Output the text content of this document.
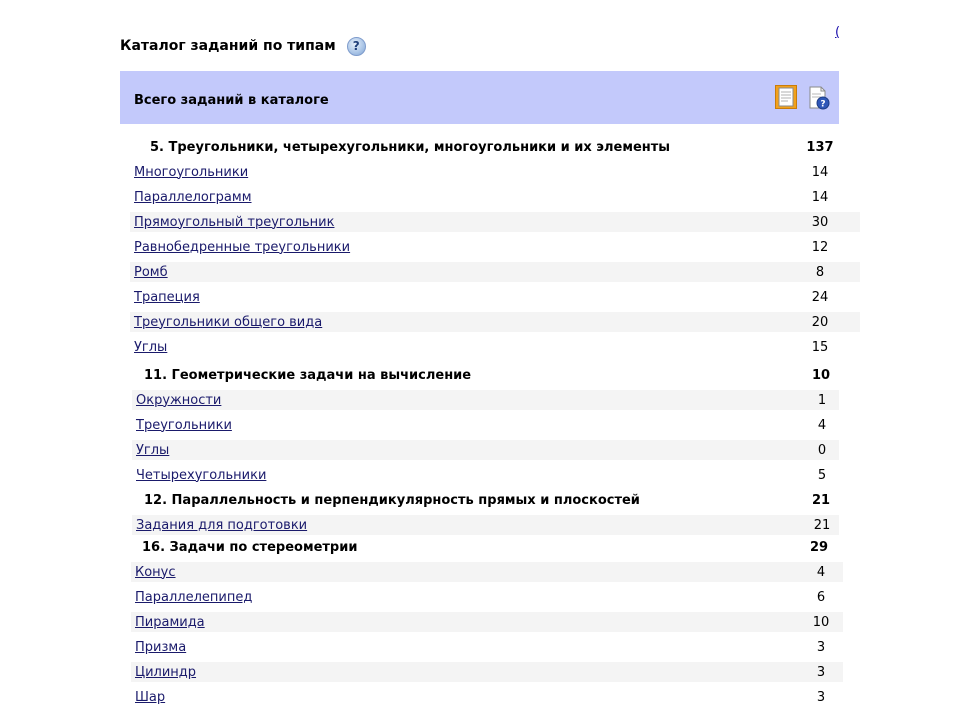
(
Каталог заданий по типам	?
Всего заданий в каталоге	?
5. Треугольники, четырехугольники, многоугольники и их элементы	137
Многоугольники	14
Параллелограмм	14
Прямоугольный треугольник	30
Равнобедренные треугольники	12
Ромб	8
Трапеция	24
Треугольники общего вида	20
Углы	15
11. Геометрические задачи на вычисление	10
Окружности	1
Треугольники	4
Углы	0
Четырехугольники	5
12. Параллельность и перпендикулярность прямых и плоскостей	21
Задания для подготовки	21
16. Задачи по стереометрии	29
Конус	4
Параллелепипед	6
Пирамида	10
Призма	3
Цилиндр	3
Шар	3
